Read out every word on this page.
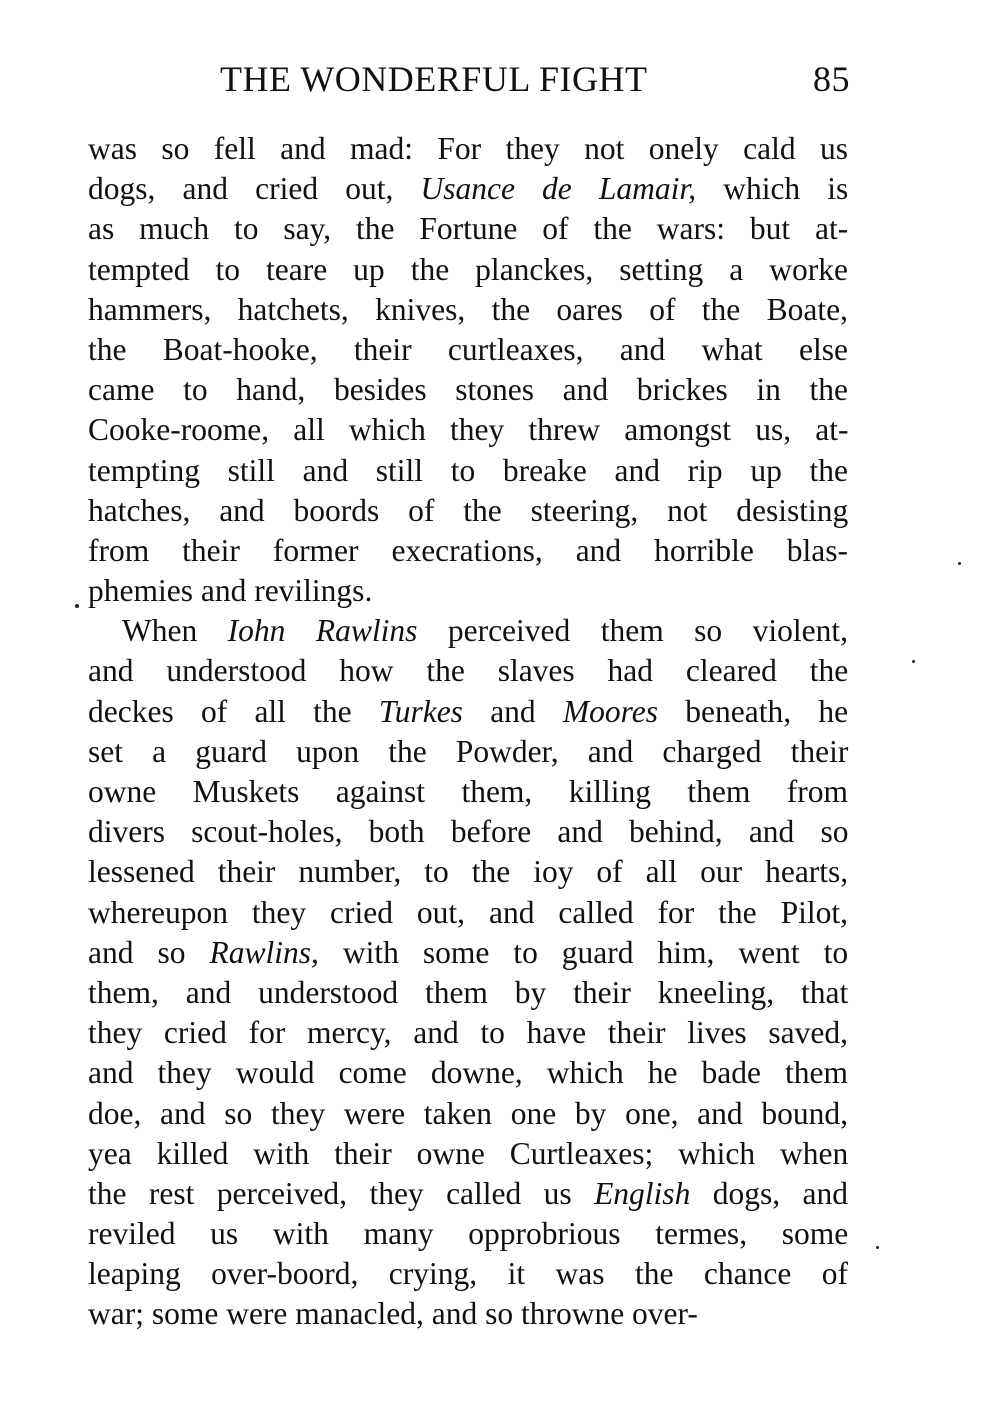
THE WONDERFUL FIGHT	85
was so fell and mad: For they not onely cald us
dogs, and cried out, Usance de Lamair, which is
as much to say, the Fortune of the wars: but at-
tempted to teare up the planckes, setting a worke
hammers, hatchets, knives, the oares of the Boate,
the Boat-hooke, their curtleaxes, and what else
came to hand, besides stones and brickes in the
Cooke-roome, all which they threw amongst us, at-
tempting still and still to breake and rip up the
hatches, and boords of the steering, not desisting
from their former execrations, and horrible blas-
phemies and revilings.
When Iohn Rawlins perceived them so violent,
and understood how the slaves had cleared the
deckes of all the Turkes and Moores beneath, he
set a guard upon the Powder, and charged their
owne Muskets against them, killing them from
divers scout-holes, both before and behind, and so
lessened their number, to the ioy of all our hearts,
whereupon they cried out, and called for the Pilot,
and so Rawlins, with some to guard him, went to
them, and understood them by their kneeling, that
they cried for mercy, and to have their lives saved,
and they would come downe, which he bade them
doe, and so they were taken one by one, and bound,
yea killed with their owne Curtleaxes; which when
the rest perceived, they called us English dogs, and
reviled us with many opprobrious termes, some
leaping over-boord, crying, it was the chance of
war; some were manacled, and so throwne over-
